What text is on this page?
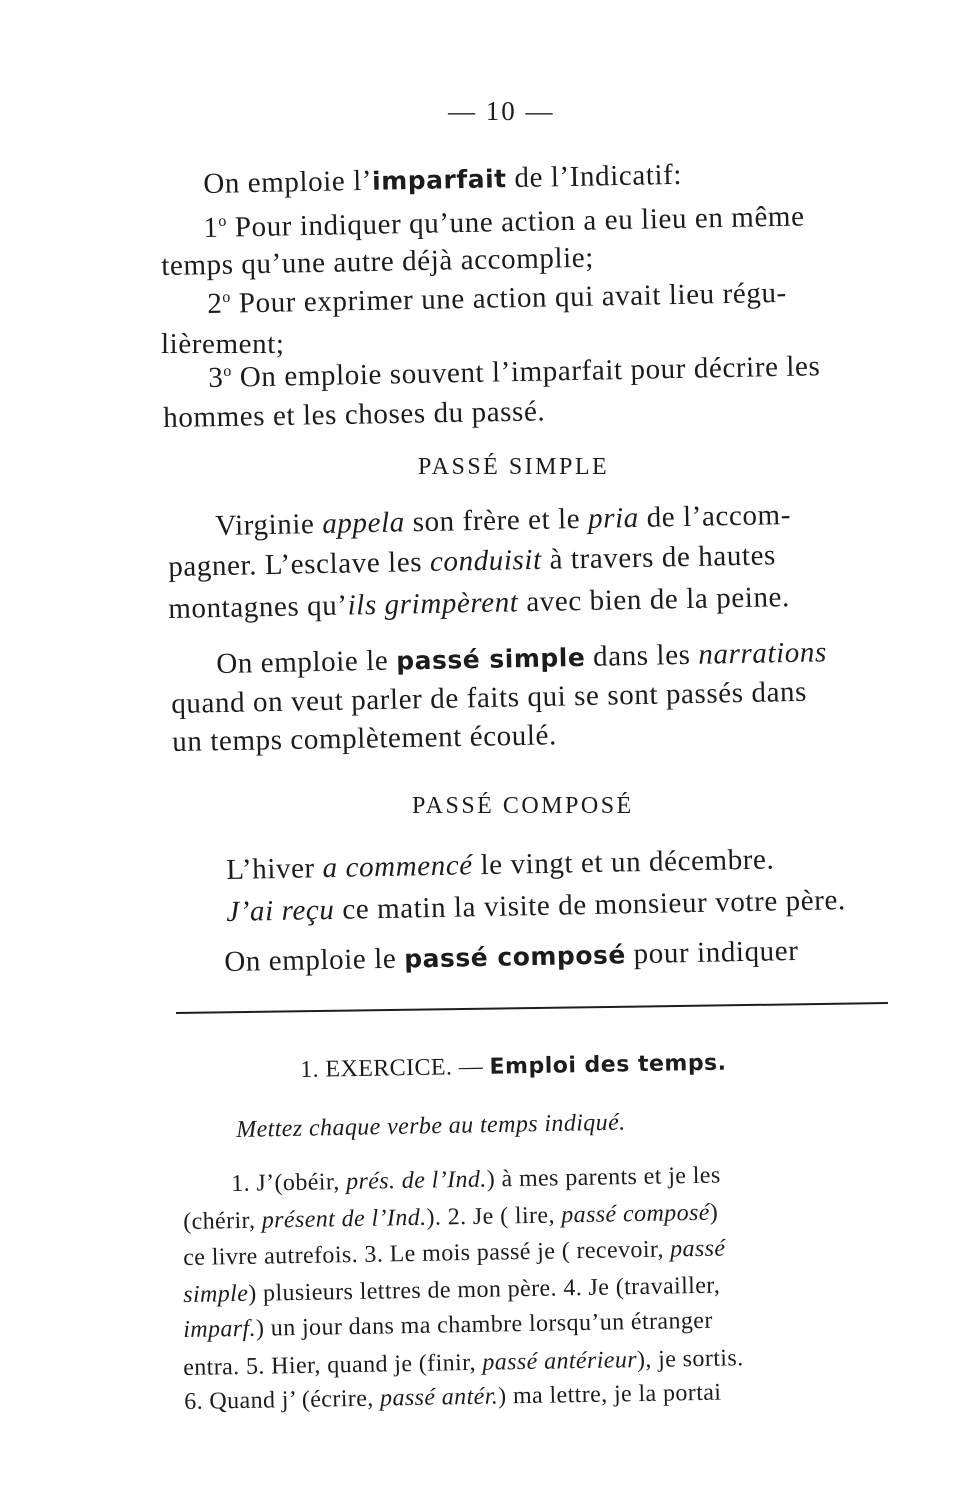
— 10 —
On emploie l’imparfait de l’Indicatif:
1$^o$ Pour indiquer qu’une action a eu lieu en même
temps qu’une autre déjà accomplie;
2$^o$ Pour exprimer une action qui avait lieu régu-
lièrement;
3$^o$ On emploie souvent l’imparfait pour décrire les
hommes et les choses du passé.
PASSÉ SIMPLE
Virginie appela son frère et le pria de l’accom-
pagner. L’esclave les conduisit à travers de hautes
montagnes qu’ils grimpèrent avec bien de la peine.
On emploie le passé simple dans les narrations
quand on veut parler de faits qui se sont passés dans
un temps complètement écoulé.
PASSÉ COMPOSÉ
L’hiver a commencé le vingt et un décembre.
J’ai reçu ce matin la visite de monsieur votre père.
On emploie le passé composé pour indiquer
1. EXERCICE. — Emploi des temps.
Mettez chaque verbe au temps indiqué.
1. J’(obéir, prés. de l’Ind.) à mes parents et je les
(chérir, présent de l’Ind.). 2. Je ( lire, passé composé)
ce livre autrefois. 3. Le mois passé je ( recevoir, passé
simple) plusieurs lettres de mon père. 4. Je (travailler,
imparf.) un jour dans ma chambre lorsqu’un étranger
entra. 5. Hier, quand je (finir, passé antérieur), je sortis.
6. Quand j’ (écrire, passé antér.) ma lettre, je la portai
